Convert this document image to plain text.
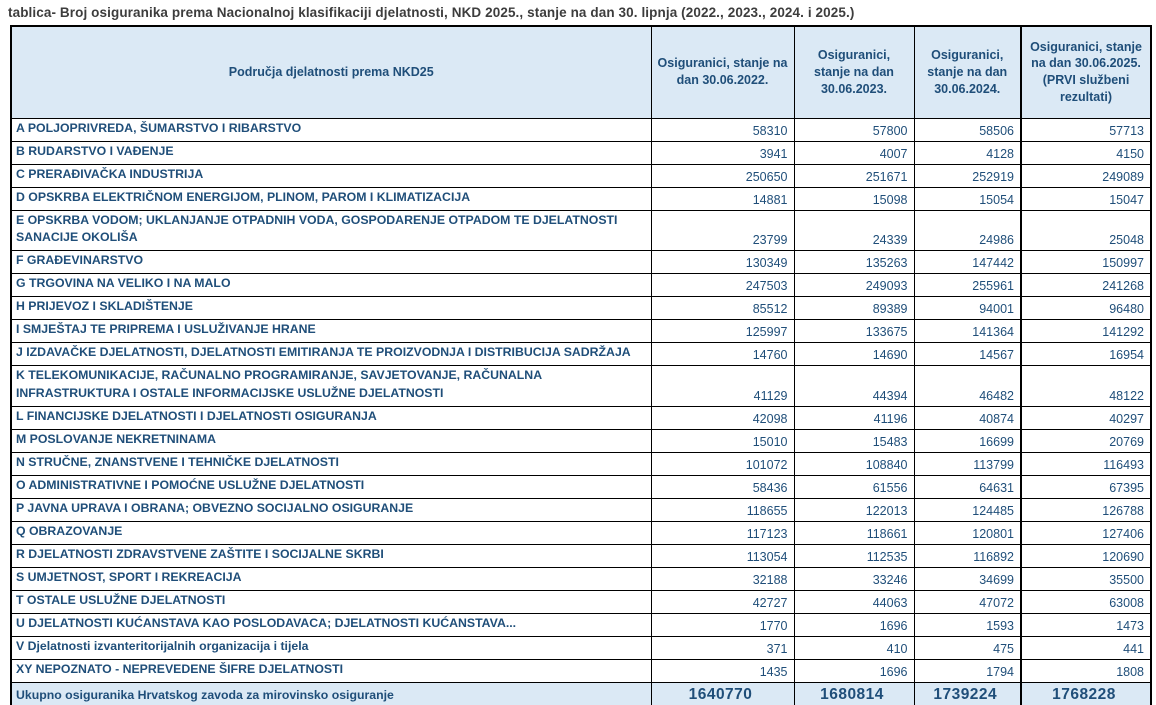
tablica- Broj osiguranika prema Nacionalnoj klasifikaciji djelatnosti, NKD 2025., stanje na dan 30. lipnja (2022., 2023., 2024. i 2025.)
Područja djelatnosti prema NKD25	Osiguranici, stanje na dan 30.06.2022.	Osiguranici, stanje na dan 30.06.2023.	Osiguranici, stanje na dan 30.06.2024.	Osiguranici, stanje na dan 30.06.2025. (PRVI službeni rezultati)
A POLJOPRIVREDA, ŠUMARSTVO I RIBARSTVO	58310	57800	58506	57713
B RUDARSTVO I VAĐENJE	3941	4007	4128	4150
C PRERAĐIVAČKA INDUSTRIJA	250650	251671	252919	249089
D OPSKRBA ELEKTRIČNOM ENERGIJOM, PLINOM, PAROM I KLIMATIZACIJA	14881	15098	15054	15047
E OPSKRBA VODOM; UKLANJANJE OTPADNIH VODA, GOSPODARENJE OTPADOM TE DJELATNOSTI SANACIJE OKOLIŠA	23799	24339	24986	25048
F GRAĐEVINARSTVO	130349	135263	147442	150997
G TRGOVINA NA VELIKO I NA MALO	247503	249093	255961	241268
H PRIJEVOZ I SKLADIŠTENJE	85512	89389	94001	96480
I SMJEŠTAJ TE PRIPREMA I USLUŽIVANJE HRANE	125997	133675	141364	141292
J IZDAVAČKE DJELATNOSTI, DJELATNOSTI EMITIRANJA TE PROIZVODNJA I DISTRIBUCIJA SADRŽAJA	14760	14690	14567	16954
K TELEKOMUNIKACIJE, RAČUNALNO PROGRAMIRANJE, SAVJETOVANJE, RAČUNALNA INFRASTRUKTURA I OSTALE INFORMACIJSKE USLUŽNE DJELATNOSTI	41129	44394	46482	48122
L FINANCIJSKE DJELATNOSTI I DJELATNOSTI OSIGURANJA	42098	41196	40874	40297
M POSLOVANJE NEKRETNINAMA	15010	15483	16699	20769
N STRUČNE, ZNANSTVENE I TEHNIČKE DJELATNOSTI	101072	108840	113799	116493
O ADMINISTRATIVNE I POMOĆNE USLUŽNE DJELATNOSTI	58436	61556	64631	67395
P JAVNA UPRAVA I OBRANA; OBVEZNO SOCIJALNO OSIGURANJE	118655	122013	124485	126788
Q OBRAZOVANJE	117123	118661	120801	127406
R DJELATNOSTI ZDRAVSTVENE ZAŠTITE I SOCIJALNE SKRBI	113054	112535	116892	120690
S UMJETNOST, SPORT I REKREACIJA	32188	33246	34699	35500
T OSTALE USLUŽNE DJELATNOSTI	42727	44063	47072	63008
U DJELATNOSTI KUĆANSTAVA KAO POSLODAVACA; DJELATNOSTI KUĆANSTAVA...	1770	1696	1593	1473
V Djelatnosti izvanteritorijalnih organizacija i tijela	371	410	475	441
XY NEPOZNATO - NEPREVEDENE ŠIFRE DJELATNOSTI	1435	1696	1794	1808
Ukupno osiguranika Hrvatskog zavoda za mirovinsko osiguranje	1640770	1680814	1739224	1768228
